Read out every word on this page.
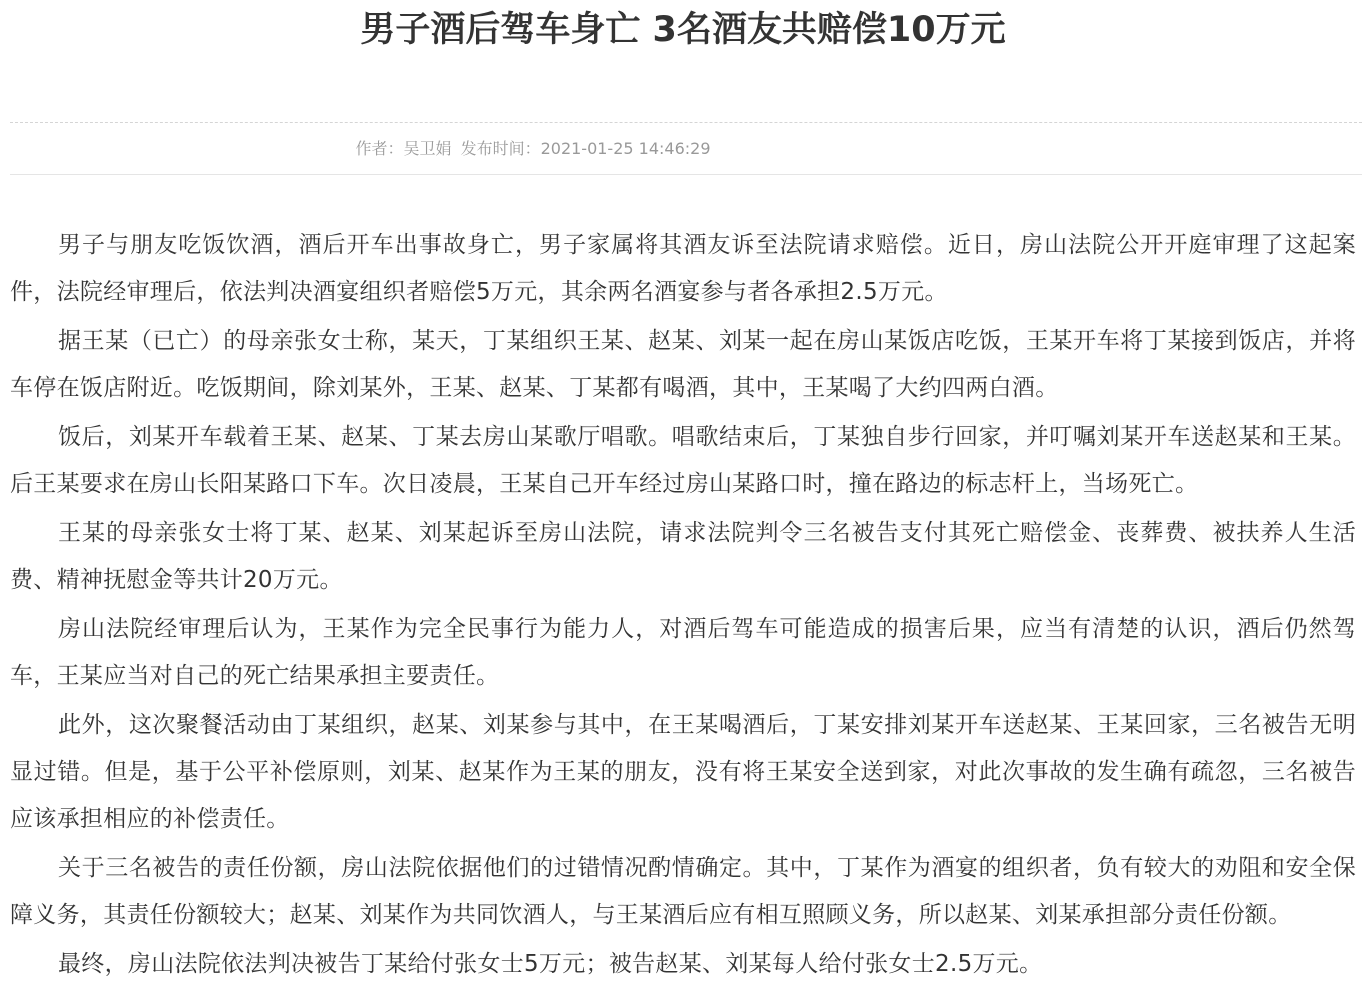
男子酒后驾车身亡 3名酒友共赔偿10万元
作者：吴卫娟 发布时间：2021-01-25 14:46:29

男子与朋友吃饭饮酒，酒后开车出事故身亡，男子家属将其酒友诉至法院请求赔偿。近日，房山法院公开开庭审理了这起案件，法院经审理后，依法判决酒宴组织者赔偿5万元，其余两名酒宴参与者各承担2.5万元。

据王某（已亡）的母亲张女士称，某天，丁某组织王某、赵某、刘某一起在房山某饭店吃饭，王某开车将丁某接到饭店，并将车停在饭店附近。吃饭期间，除刘某外，王某、赵某、丁某都有喝酒，其中，王某喝了大约四两白酒。

饭后，刘某开车载着王某、赵某、丁某去房山某歌厅唱歌。唱歌结束后，丁某独自步行回家，并叮嘱刘某开车送赵某和王某。后王某要求在房山长阳某路口下车。次日凌晨，王某自己开车经过房山某路口时，撞在路边的标志杆上，当场死亡。

王某的母亲张女士将丁某、赵某、刘某起诉至房山法院，请求法院判令三名被告支付其死亡赔偿金、丧葬费、被扶养人生活费、精神抚慰金等共计20万元。

房山法院经审理后认为，王某作为完全民事行为能力人，对酒后驾车可能造成的损害后果，应当有清楚的认识，酒后仍然驾车，王某应当对自己的死亡结果承担主要责任。

此外，这次聚餐活动由丁某组织，赵某、刘某参与其中，在王某喝酒后，丁某安排刘某开车送赵某、王某回家，三名被告无明显过错。但是，基于公平补偿原则，刘某、赵某作为王某的朋友，没有将王某安全送到家，对此次事故的发生确有疏忽，三名被告应该承担相应的补偿责任。

关于三名被告的责任份额，房山法院依据他们的过错情况酌情确定。其中，丁某作为酒宴的组织者，负有较大的劝阻和安全保障义务，其责任份额较大；赵某、刘某作为共同饮酒人，与王某酒后应有相互照顾义务，所以赵某、刘某承担部分责任份额。

最终，房山法院依法判决被告丁某给付张女士5万元；被告赵某、刘某每人给付张女士2.5万元。
